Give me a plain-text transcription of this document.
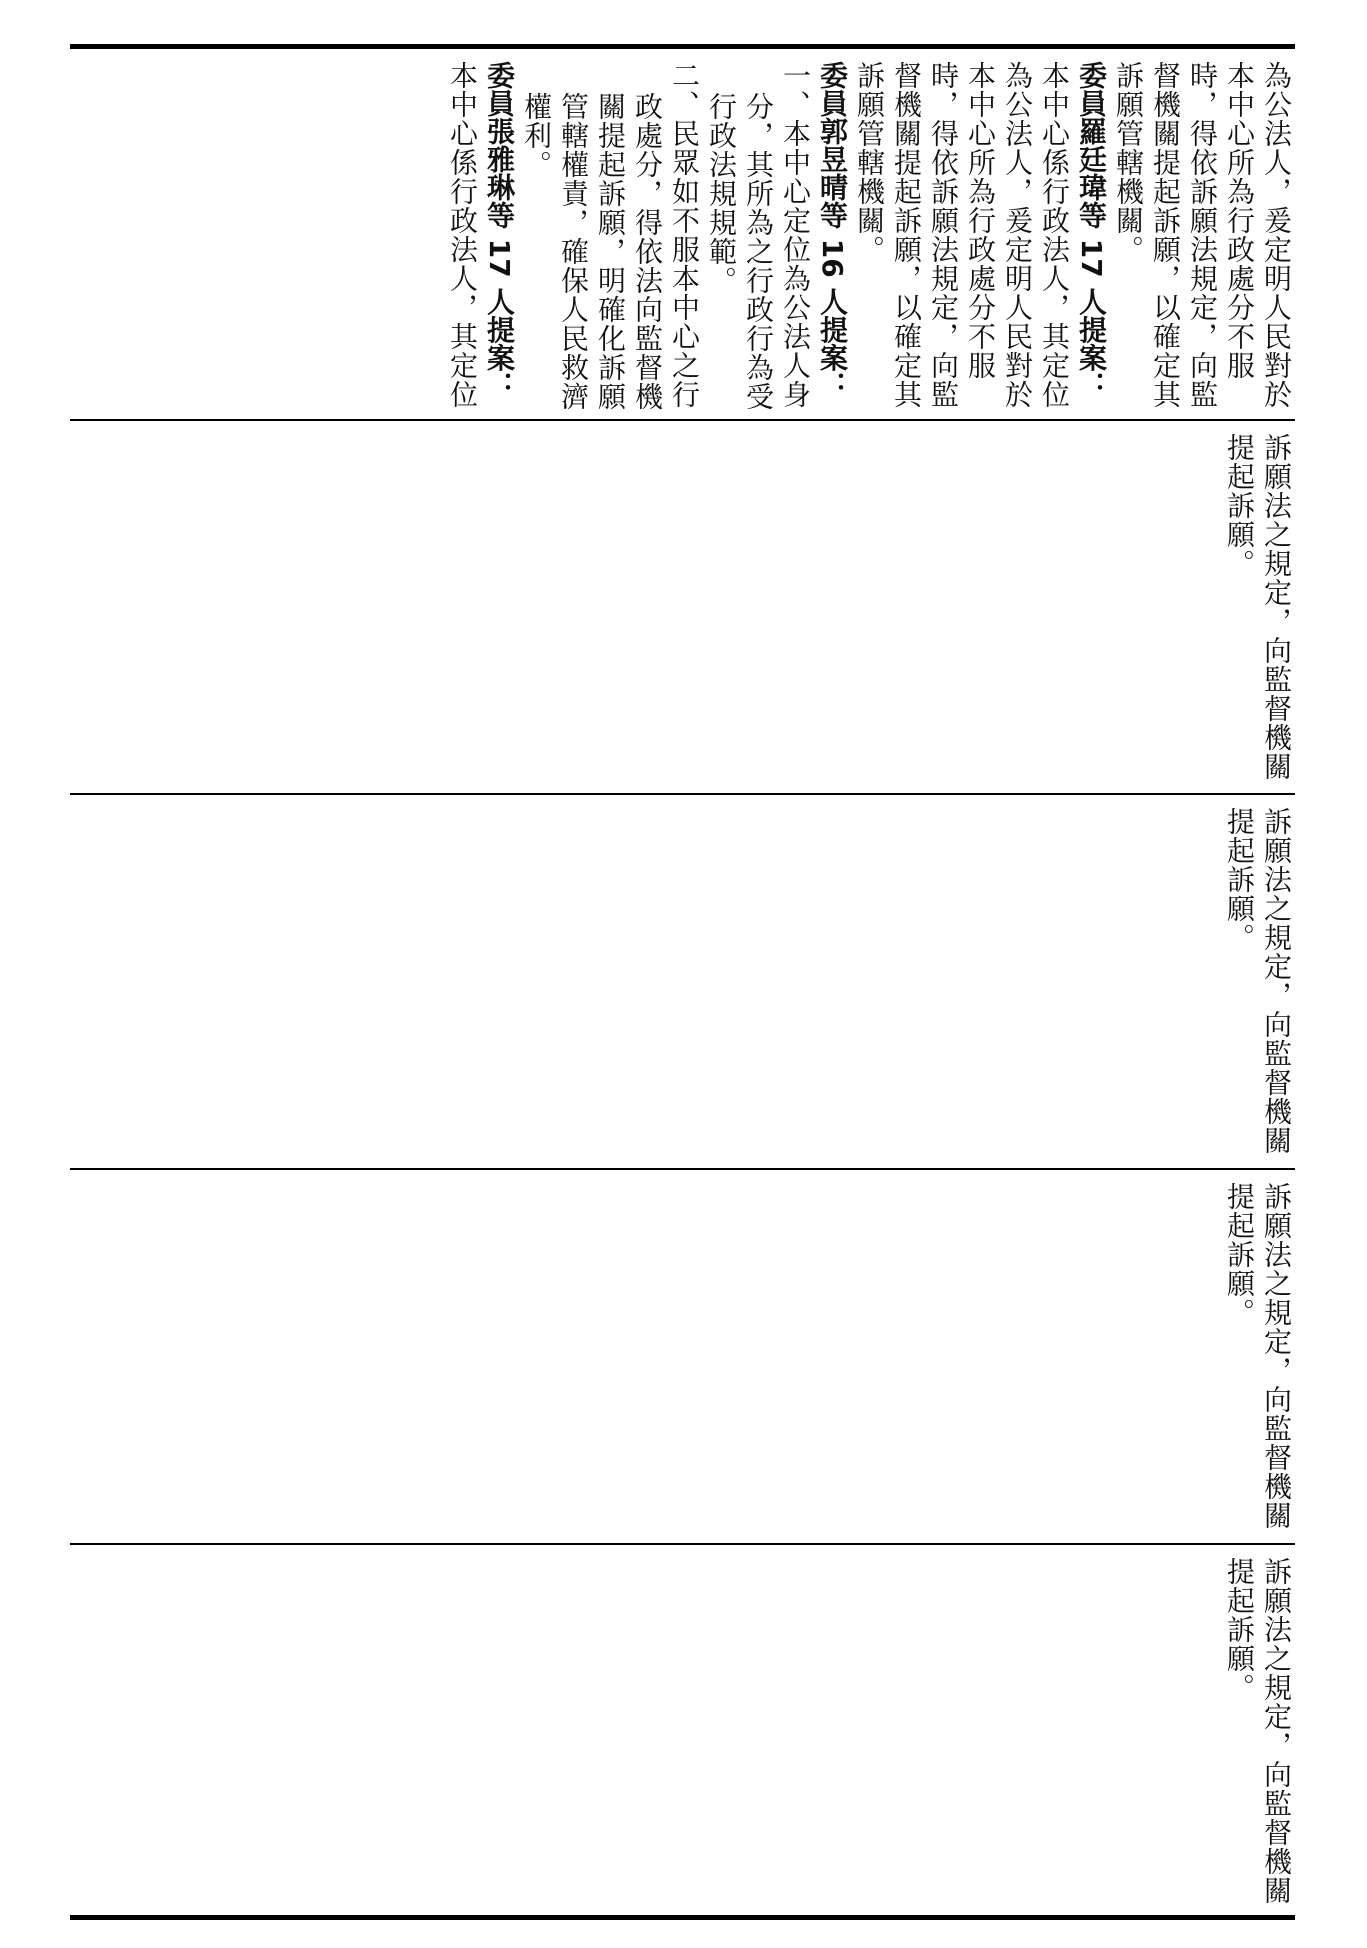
為公法人，爰定明人民對於本中心所為行政處分不服時，得依訴願法規定，向監督機關提起訴願，以確定其訴願管轄機關。

委員羅廷瑋等 17 人提案：

本中心係行政法人，其定位為公法人，爰定明人民對於本中心所為行政處分不服時，得依訴願法規定，向監督機關提起訴願，以確定其訴願管轄機關。

委員郭昱晴等 16 人提案：

一、本中心定位為公法人身分，其所為之行政行為受行政法規規範。

二、民眾如不服本中心之行政處分，得依法向監督機關提起訴願，明確化訴願管轄權責，確保人民救濟權利。

委員張雅琳等 17 人提案：

本中心係行政法人，其定位

訴願法之規定，向監督機關提起訴願。

訴願法之規定，向監督機關提起訴願。

訴願法之規定，向監督機關提起訴願。

訴願法之規定，向監督機關提起訴願。
